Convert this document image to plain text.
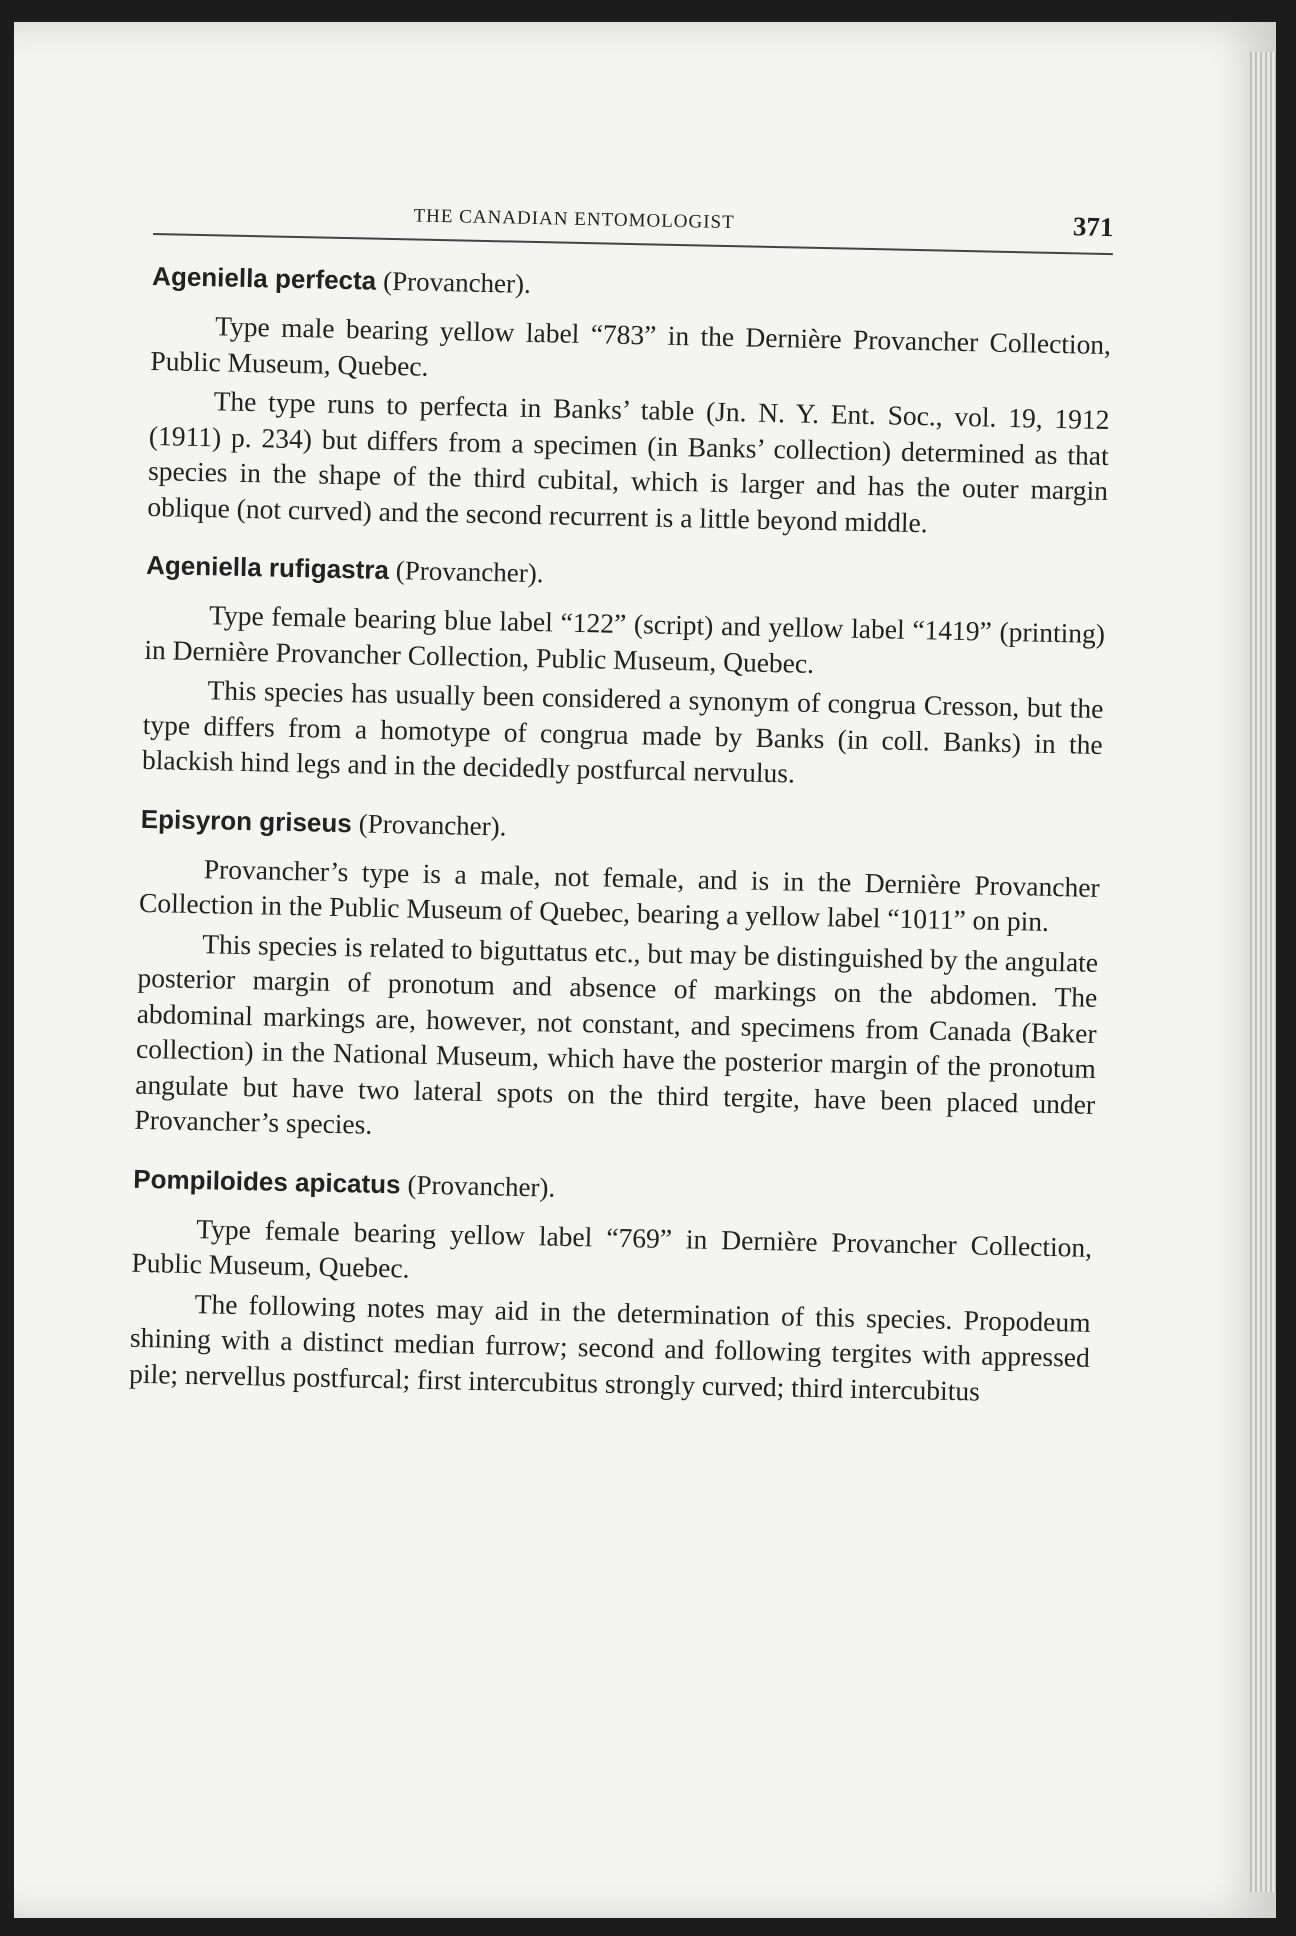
THE CANADIAN ENTOMOLOGIST	371

Ageniella perfecta (Provancher).

Type male bearing yellow label “783” in the Dernière Provancher Collection, Public Museum, Quebec.

The type runs to perfecta in Banks’ table (Jn. N. Y. Ent. Soc., vol. 19, 1912 (1911) p. 234) but differs from a specimen (in Banks’ collection) determined as that species in the shape of the third cubital, which is larger and has the outer margin oblique (not curved) and the second recurrent is a little beyond middle.

Ageniella rufigastra (Provancher).

Type female bearing blue label “122” (script) and yellow label “1419” (printing) in Dernière Provancher Collection, Public Museum, Quebec.

This species has usually been considered a synonym of congrua Cresson, but the type differs from a homotype of congrua made by Banks (in coll. Banks) in the blackish hind legs and in the decidedly postfurcal nervulus.

Episyron griseus (Provancher).

Provancher’s type is a male, not female, and is in the Dernière Provancher Collection in the Public Museum of Quebec, bearing a yellow label “1011” on pin.

This species is related to biguttatus etc., but may be distinguished by the angulate posterior margin of pronotum and absence of markings on the abdomen. The abdominal markings are, however, not constant, and specimens from Canada (Baker collection) in the National Museum, which have the posterior margin of the pronotum angulate but have two lateral spots on the third tergite, have been placed under Provancher’s species.

Pompiloides apicatus (Provancher).

Type female bearing yellow label “769” in Dernière Provancher Collection, Public Museum, Quebec.

The following notes may aid in the determination of this species. Propodeum shining with a distinct median furrow; second and following tergites with appressed pile; nervellus postfurcal; first intercubitus strongly curved; third intercubitus
